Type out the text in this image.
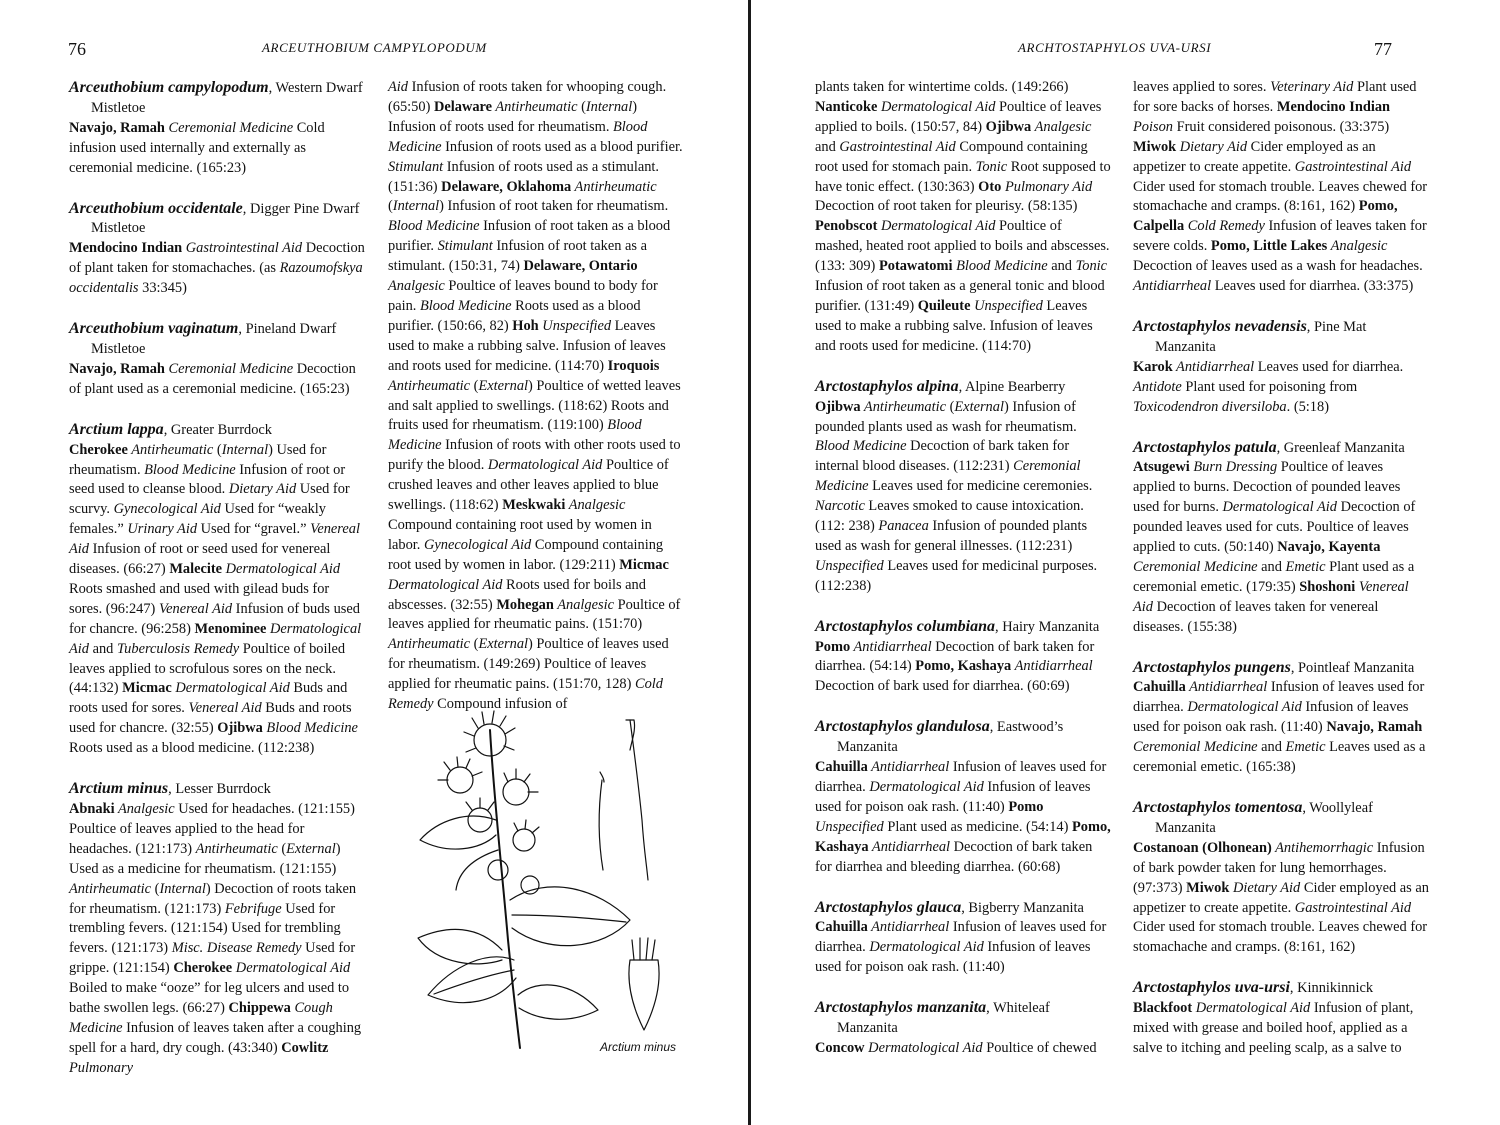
76	ARCEUTHOBIUM CAMPYLOPODUM

Arceuthobium campylopodum, Western Dwarf Mistletoe

Navajo, Ramah Ceremonial Medicine Cold infusion used internally and externally as ceremonial medicine. (165:23)

Arceuthobium occidentale, Digger Pine Dwarf Mistletoe

Mendocino Indian Gastrointestinal Aid Decoction of plant taken for stomachaches. (as Razoumofskya occidentalis 33:345)

Arceuthobium vaginatum, Pineland Dwarf Mistletoe

Navajo, Ramah Ceremonial Medicine Decoction of plant used as a ceremonial medicine. (165:23)

Arctium lappa, Greater Burrdock

Cherokee Antirheumatic (Internal) Used for rheumatism. Blood Medicine Infusion of root or seed used to cleanse blood. Dietary Aid Used for scurvy. Gynecological Aid Used for “weakly females.” Urinary Aid Used for “gravel.” Venereal Aid Infusion of root or seed used for venereal diseases. (66:27) Malecite Dermatological Aid Roots smashed and used with gilead buds for sores. (96:247) Venereal Aid Infusion of buds used for chancre. (96:258) Menominee Dermatological Aid and Tuberculosis Remedy Poultice of boiled leaves applied to scrofulous sores on the neck. (44:132) Micmac Dermatological Aid Buds and roots used for sores. Venereal Aid Buds and roots used for chancre. (32:55) Ojibwa Blood Medicine Roots used as a blood medicine. (112:238)

Arctium minus, Lesser Burrdock

Abnaki Analgesic Used for headaches. (121:155) Poultice of leaves applied to the head for headaches. (121:173) Antirheumatic (External) Used as a medicine for rheumatism. (121:155) Antirheumatic (Internal) Decoction of roots taken for rheumatism. (121:173) Febrifuge Used for trembling fevers. (121:154) Used for trembling fevers. (121:173) Misc. Disease Remedy Used for grippe. (121:154) Cherokee Dermatological Aid Boiled to make “ooze” for leg ulcers and used to bathe swollen legs. (66:27) Chippewa Cough Medicine Infusion of leaves taken after a coughing spell for a hard, dry cough. (43:340) Cowlitz Pulmonary

Aid Infusion of roots taken for whooping cough. (65:50) Delaware Antirheumatic (Internal) Infusion of roots used for rheumatism. Blood Medicine Infusion of roots used as a blood purifier. Stimulant Infusion of roots used as a stimulant. (151:36) Delaware, Oklahoma Antirheumatic (Internal) Infusion of root taken for rheumatism. Blood Medicine Infusion of root taken as a blood purifier. Stimulant Infusion of root taken as a stimulant. (150:31, 74) Delaware, Ontario Analgesic Poultice of leaves bound to body for pain. Blood Medicine Roots used as a blood purifier. (150:66, 82) Hoh Unspecified Leaves used to make a rubbing salve. Infusion of leaves and roots used for medicine. (114:70) Iroquois Antirheumatic (External) Poultice of wetted leaves and salt applied to swellings. (118:62) Roots and fruits used for rheumatism. (119:100) Blood Medicine Infusion of roots with other roots used to purify the blood. Dermatological Aid Poultice of crushed leaves and other leaves applied to blue swellings. (118:62) Meskwaki Analgesic Compound containing root used by women in labor. Gynecological Aid Compound containing root used by women in labor. (129:211) Micmac Dermatological Aid Roots used for boils and abscesses. (32:55) Mohegan Analgesic Poultice of leaves applied for rheumatic pains. (151:70) Antirheumatic (External) Poultice of leaves used for rheumatism. (149:269) Poultice of leaves applied for rheumatic pains. (151:70, 128) Cold Remedy Compound infusion of

Arctium minus
ARCHTOSTAPHYLOS UVA-URSI	77

plants taken for wintertime colds. (149:266) Nanticoke Dermatological Aid Poultice of leaves applied to boils. (150:57, 84) Ojibwa Analgesic and Gastrointestinal Aid Compound containing root used for stomach pain. Tonic Root supposed to have tonic effect. (130:363) Oto Pulmonary Aid Decoction of root taken for pleurisy. (58:135) Penobscot Dermatological Aid Poultice of mashed, heated root applied to boils and abscesses. (133: 309) Potawatomi Blood Medicine and Tonic Infusion of root taken as a general tonic and blood purifier. (131:49) Quileute Unspecified Leaves used to make a rubbing salve. Infusion of leaves and roots used for medicine. (114:70)

Arctostaphylos alpina, Alpine Bearberry

Ojibwa Antirheumatic (External) Infusion of pounded plants used as wash for rheumatism. Blood Medicine Decoction of bark taken for internal blood diseases. (112:231) Ceremonial Medicine Leaves used for medicine ceremonies. Narcotic Leaves smoked to cause intoxication. (112: 238) Panacea Infusion of pounded plants used as wash for general illnesses. (112:231) Unspecified Leaves used for medicinal purposes. (112:238)

Arctostaphylos columbiana, Hairy Manzanita

Pomo Antidiarrheal Decoction of bark taken for diarrhea. (54:14) Pomo, Kashaya Antidiarrheal Decoction of bark used for diarrhea. (60:69)

Arctostaphylos glandulosa, Eastwood’s Manzanita

Cahuilla Antidiarrheal Infusion of leaves used for diarrhea. Dermatological Aid Infusion of leaves used for poison oak rash. (11:40) Pomo Unspecified Plant used as medicine. (54:14) Pomo, Kashaya Antidiarrheal Decoction of bark taken for diarrhea and bleeding diarrhea. (60:68)

Arctostaphylos glauca, Bigberry Manzanita

Cahuilla Antidiarrheal Infusion of leaves used for diarrhea. Dermatological Aid Infusion of leaves used for poison oak rash. (11:40)

Arctostaphylos manzanita, Whiteleaf Manzanita

Concow Dermatological Aid Poultice of chewed

leaves applied to sores. Veterinary Aid Plant used for sore backs of horses. Mendocino Indian Poison Fruit considered poisonous. (33:375) Miwok Dietary Aid Cider employed as an appetizer to create appetite. Gastrointestinal Aid Cider used for stomach trouble. Leaves chewed for stomachache and cramps. (8:161, 162) Pomo, Calpella Cold Remedy Infusion of leaves taken for severe colds. Pomo, Little Lakes Analgesic Decoction of leaves used as a wash for headaches. Antidiarrheal Leaves used for diarrhea. (33:375)

Arctostaphylos nevadensis, Pine Mat Manzanita

Karok Antidiarrheal Leaves used for diarrhea. Antidote Plant used for poisoning from Toxicodendron diversiloba. (5:18)

Arctostaphylos patula, Greenleaf Manzanita

Atsugewi Burn Dressing Poultice of leaves applied to burns. Decoction of pounded leaves used for burns. Dermatological Aid Decoction of pounded leaves used for cuts. Poultice of leaves applied to cuts. (50:140) Navajo, Kayenta Ceremonial Medicine and Emetic Plant used as a ceremonial emetic. (179:35) Shoshoni Venereal Aid Decoction of leaves taken for venereal diseases. (155:38)

Arctostaphylos pungens, Pointleaf Manzanita

Cahuilla Antidiarrheal Infusion of leaves used for diarrhea. Dermatological Aid Infusion of leaves used for poison oak rash. (11:40) Navajo, Ramah Ceremonial Medicine and Emetic Leaves used as a ceremonial emetic. (165:38)

Arctostaphylos tomentosa, Woollyleaf Manzanita

Costanoan (Olhonean) Antihemorrhagic Infusion of bark powder taken for lung hemorrhages. (97:373) Miwok Dietary Aid Cider employed as an appetizer to create appetite. Gastrointestinal Aid Cider used for stomach trouble. Leaves chewed for stomachache and cramps. (8:161, 162)

Arctostaphylos uva-ursi, Kinnikinnick

Blackfoot Dermatological Aid Infusion of plant, mixed with grease and boiled hoof, applied as a salve to itching and peeling scalp, as a salve to
